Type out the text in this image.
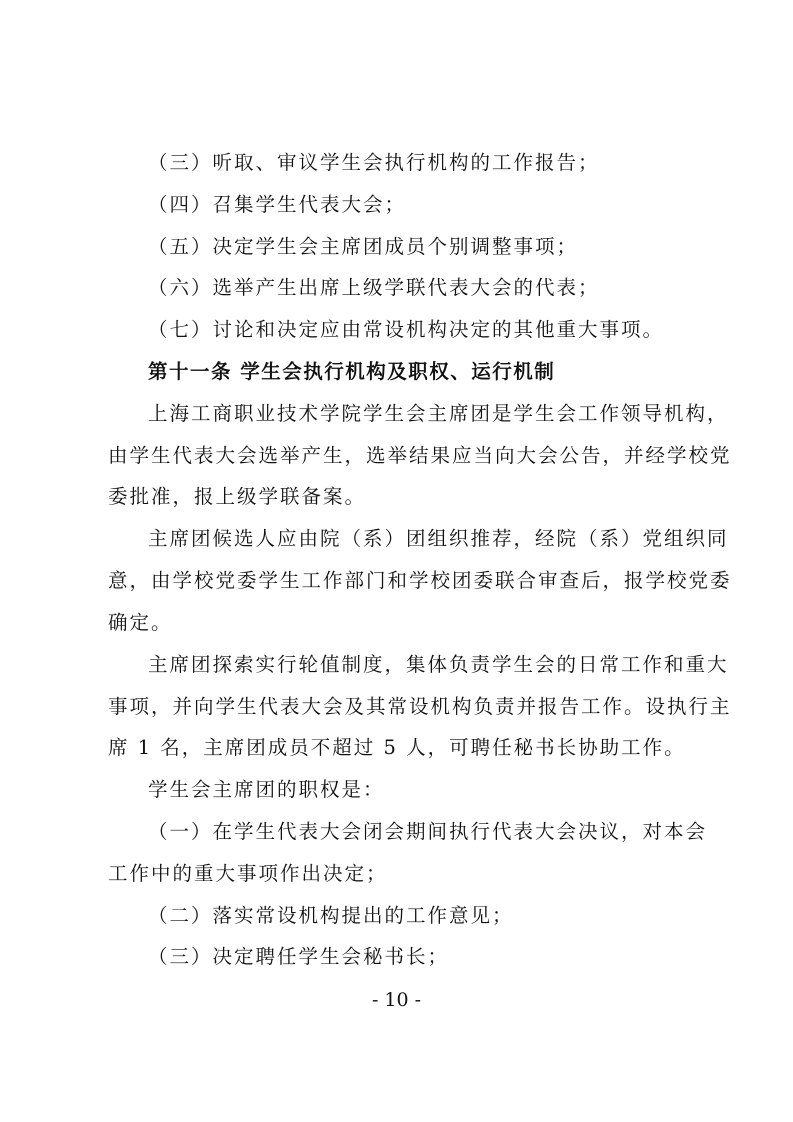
（三）听取、审议学生会执行机构的工作报告；
（四）召集学生代表大会；
（五）决定学生会主席团成员个别调整事项；
（六）选举产生出席上级学联代表大会的代表；
（七）讨论和决定应由常设机构决定的其他重大事项。
第十一条 学生会执行机构及职权、运行机制
上海工商职业技术学院学生会主席团是学生会工作领导机构，
由学生代表大会选举产生，选举结果应当向大会公告，并经学校党
委批准，报上级学联备案。
主席团候选人应由院（系）团组织推荐，经院（系）党组织同
意，由学校党委学生工作部门和学校团委联合审查后，报学校党委
确定。
主席团探索实行轮值制度，集体负责学生会的日常工作和重大
事项，并向学生代表大会及其常设机构负责并报告工作。设执行主
席 1 名，主席团成员不超过 5 人，可聘任秘书长协助工作。
学生会主席团的职权是：
（一）在学生代表大会闭会期间执行代表大会决议，对本会
工作中的重大事项作出决定；
（二）落实常设机构提出的工作意见；
（三）决定聘任学生会秘书长；
- 10 -
